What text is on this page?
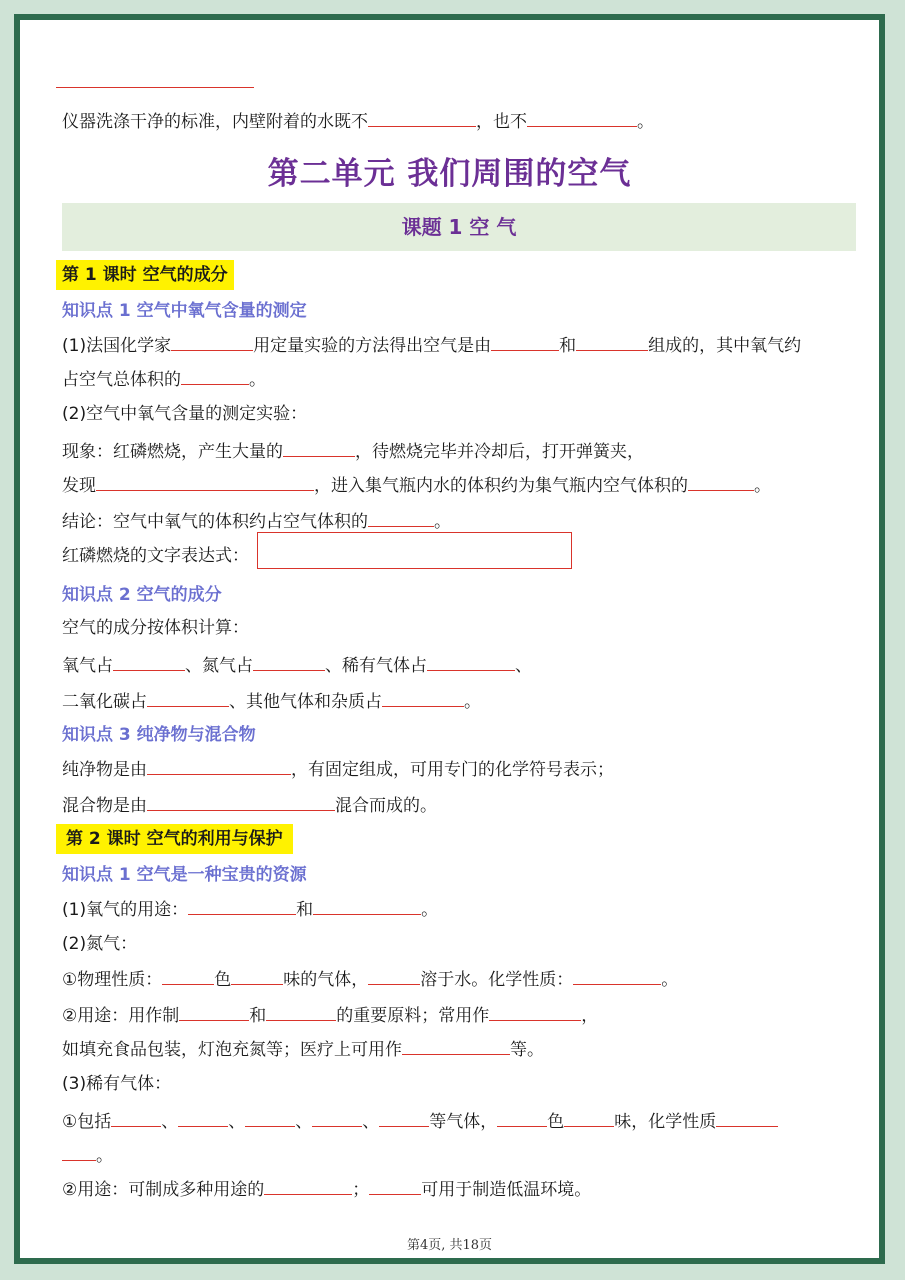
仪器洗涤干净的标准，内壁附着的水既不	，也不	。
第二单元 我们周围的空气
课题 1 空 气
第 1 课时 空气的成分
知识点 1 空气中氧气含量的测定
(1)法国化学家	用定量实验的方法得出空气是由	和	组成的，其中氧气约
占空气总体积的	。
(2)空气中氧气含量的测定实验：
现象：红磷燃烧，产生大量的	，待燃烧完毕并冷却后，打开弹簧夹，
发现	，进入集气瓶内水的体积约为集气瓶内空气体积的	。
结论：空气中氧气的体积约占空气体积的	。
红磷燃烧的文字表达式：
知识点 2 空气的成分
空气的成分按体积计算：
氧气占	、氮气占	、稀有气体占	、
二氧化碳占	、其他气体和杂质占	。
知识点 3 纯净物与混合物
纯净物是由	，有固定组成，可用专门的化学符号表示；
混合物是由	混合而成的。
第 2 课时 空气的利用与保护
知识点 1 空气是一种宝贵的资源
(1)氧气的用途：	和	。
(2)氮气：
①物理性质：	色	味的气体，	溶于水。化学性质：	。
②用途：用作制	和	的重要原料；常用作	，
如填充食品包装，灯泡充氮等；医疗上可用作	等。
(3)稀有气体：
①包括	、	、	、	、	等气体，	色	味，化学性质
。
②用途：可制成多种用途的	；	可用于制造低温环境。
第4页, 共18页
